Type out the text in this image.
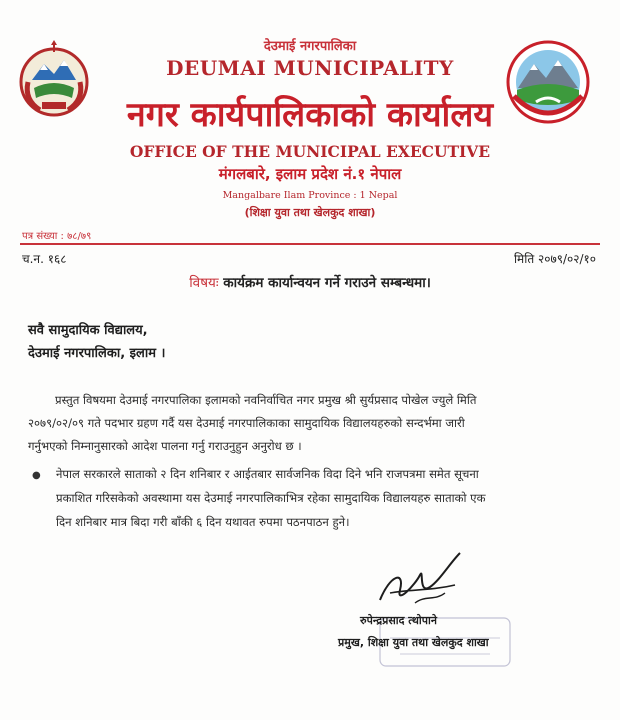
देउमाई नगरपालिका

DEUMAI MUNICIPALITY

नगर कार्यपालिकाको कार्यालय

OFFICE OF THE MUNICIPAL EXECUTIVE

मंगलबारे, इलाम प्रदेश नं.१ नेपाल

Mangalbare Ilam Province : 1 Nepal

(शिक्षा युवा तथा खेलकुद शाखा)

पत्र संख्या : ७८/७९

च.न. १६८	मिति २०७९/०२/१०

विषयः कार्यक्रम कार्यान्वयन गर्ने गराउने सम्बन्धमा।

सवै सामुदायिक विद्यालय,

देउमाई नगरपालिका, इलाम ।

प्रस्तुत विषयमा देउमाई नगरपालिका इलामको नवनिर्वाचित नगर प्रमुख श्री सुर्यप्रसाद पोखेल ज्युले मिति

२०७९/०२/०९ गते पदभार ग्रहण गर्दै यस देउमाई नगरपालिकाका सामुदायिक विद्यालयहरुको सन्दर्भमा जारी

गर्नुभएको निम्नानुसारको आदेश पालना गर्नु गराउनुहुन अनुरोध छ ।

● नेपाल सरकारले साताको २ दिन शनिबार र आईतबार सार्वजनिक विदा दिने भनि राजपत्रमा समेत सूचना

प्रकाशित गरिसकेको अवस्थामा यस देउमाई नगरपालिकाभित्र रहेका सामुदायिक विद्यालयहरु साताको एक

दिन शनिबार मात्र बिदा गरी बाँकी ६ दिन यथावत रुपमा पठनपाठन हुने।

रुपेन्द्रप्रसाद त्थोपाने

प्रमुख, शिक्षा युवा तथा खेलकुद शाखा
